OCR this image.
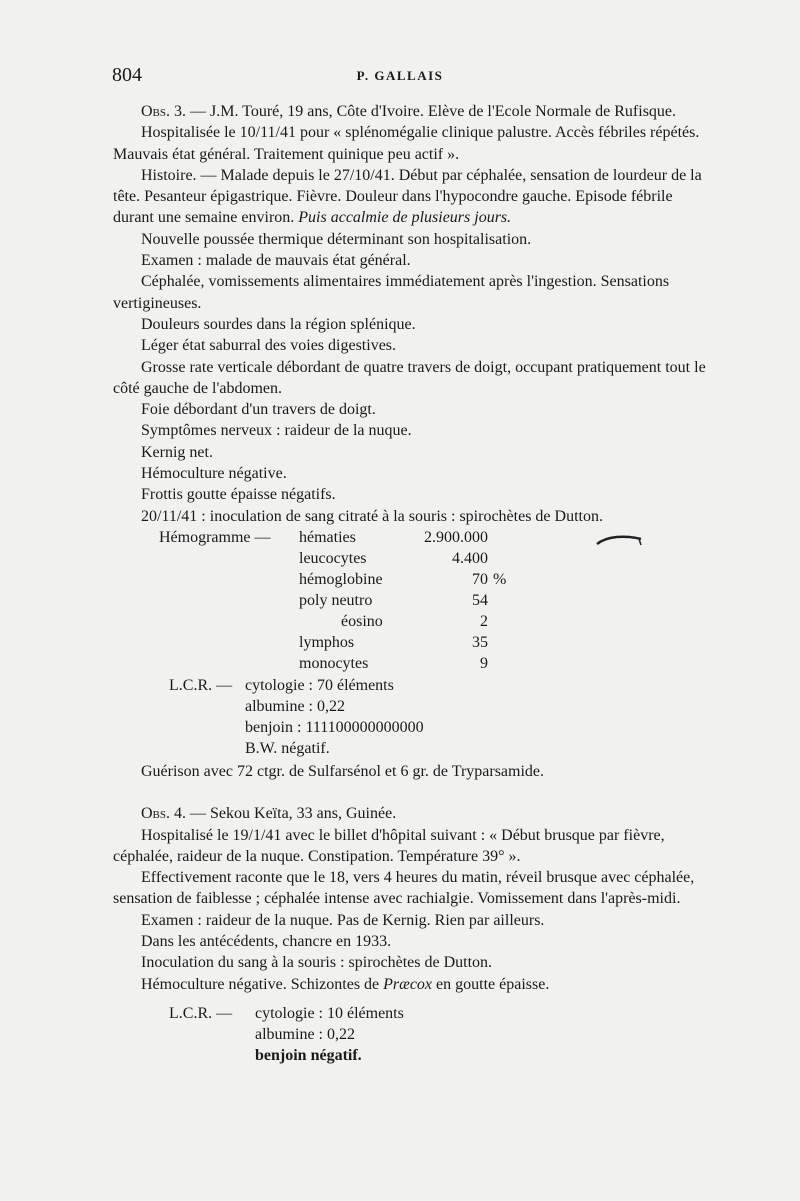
804	P. GALLAIS

Obs. 3. — J.M. Touré, 19 ans, Côte d'Ivoire. Elève de l'Ecole Normale de Rufisque.

Hospitalisée le 10/11/41 pour « splénomégalie clinique palustre. Accès fébriles répétés. Mauvais état général. Traitement quinique peu actif ».

Histoire. — Malade depuis le 27/10/41. Début par céphalée, sensation de lourdeur de la tête. Pesanteur épigastrique. Fièvre. Douleur dans l'hypocondre gauche. Episode fébrile durant une semaine environ. Puis accalmie de plusieurs jours.

Nouvelle poussée thermique déterminant son hospitalisation.

Examen : malade de mauvais état général.

Céphalée, vomissements alimentaires immédiatement après l'ingestion. Sensations vertigineuses.

Douleurs sourdes dans la région splénique.

Léger état saburral des voies digestives.

Grosse rate verticale débordant de quatre travers de doigt, occupant pratiquement tout le côté gauche de l'abdomen.

Foie débordant d'un travers de doigt.

Symptômes nerveux : raideur de la nuque.

Kernig net.

Hémoculture négative.

Frottis goutte épaisse négatifs.

20/11/41 : inoculation de sang citraté à la souris : spirochètes de Dutton.

Hémogramme — hématies	2.900.000
leucocytes	4.400
hémoglobine	70 %
poly neutro	54
éosino	2
lymphos	35
monocytes	9
L.C.R. — cytologie : 70 éléments
albumine : 0,22
benjoin : 111100000000000
B.W. négatif.

Guérison avec 72 ctgr. de Sulfarsénol et 6 gr. de Tryparsamide.

Obs. 4. — Sekou Keïta, 33 ans, Guinée.

Hospitalisé le 19/1/41 avec le billet d'hôpital suivant : « Début brusque par fièvre, céphalée, raideur de la nuque. Constipation. Température 39° ».

Effectivement raconte que le 18, vers 4 heures du matin, réveil brusque avec céphalée, sensation de faiblesse ; céphalée intense avec rachialgie. Vomissement dans l'après-midi.

Examen : raideur de la nuque. Pas de Kernig. Rien par ailleurs.

Dans les antécédents, chancre en 1933.

Inoculation du sang à la souris : spirochètes de Dutton.

Hémoculture négative. Schizontes de Præcox en goutte épaisse.

L.C.R. — cytologie : 10 éléments
albumine : 0,22
benjoin négatif.
